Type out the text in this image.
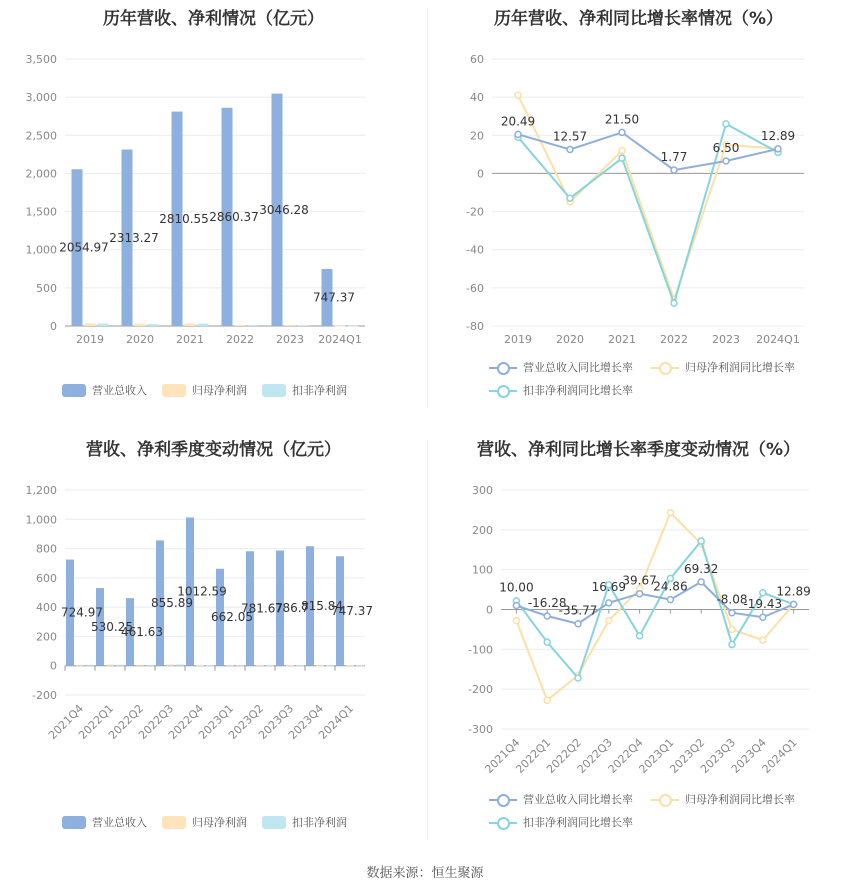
历年营收、净利情况（亿元）
0
500
1,000
1,500
2,000
2,500
3,000
3,500
2019 2020 2021 2022 2023 2024Q1
2054.97
2313.27
2810.55 2860.37
3046.28
747.37
营业总收入	归母净利润	扣非净利润
历年营收、净利同比增长率情况（%）
-80
-60
-40
-20
0
20
40
60
2019 2020 2021 2022 2023 2024Q1
20.49
12.57
21.50
1.77
6.50
12.89
营业总收入同比增长率	归母净利润同比增长率
扣非净利润同比增长率
营收、净利季度变动情况（亿元）
-200
0
200
400
600
800
1,000
1,200
2021Q4
2022Q1
2022Q2
2022Q3
2022Q4
2023Q1
2023Q2
2023Q3
2023Q4
2024Q1
724.97
530.25
461.63
855.89
1012.59
662.05
781.67
786.7
815.84
747.37
营业总收入	归母净利润	扣非净利润
营收、净利同比增长率季度变动情况（%）
-300
-200
-100
0
100
200
300
2021Q4
2022Q1
2022Q2
2022Q3
2022Q4
2023Q1
2023Q2
2023Q3
2023Q4
2024Q1
10.00
-16.28
-35.77
16.69
39.67
24.86
69.32
-8.08
-19.43
12.89
营业总收入同比增长率	归母净利润同比增长率
扣非净利润同比增长率
数据来源：恒生聚源
